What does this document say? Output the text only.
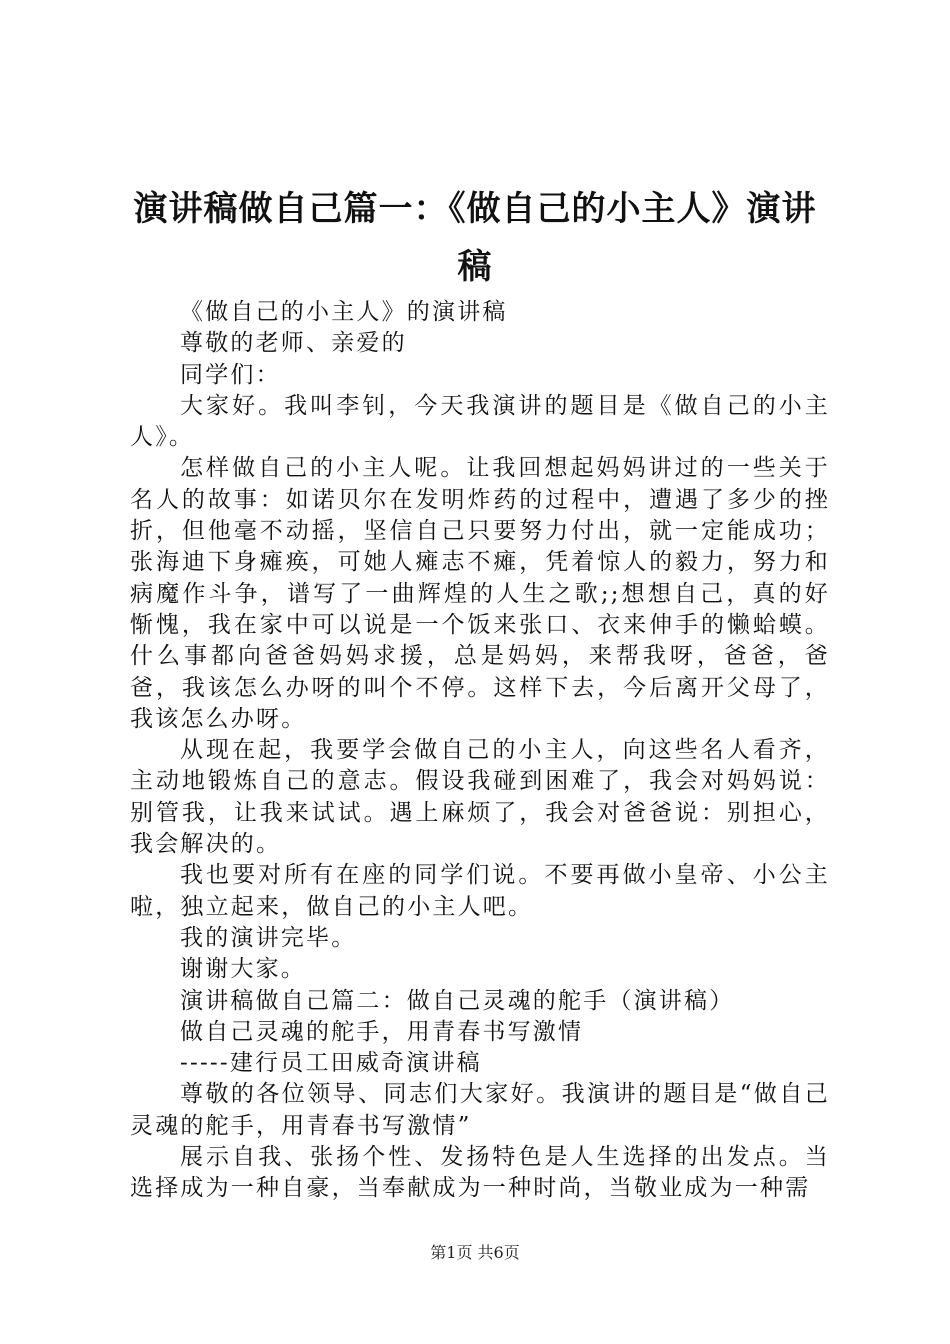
演讲稿做自己篇一：《做自己的小主人》演讲稿

《做自己的小主人》的演讲稿

尊敬的老师、亲爱的

同学们：

大家好。我叫李钊，今天我演讲的题目是《做自己的小主人》。

怎样做自己的小主人呢。让我回想起妈妈讲过的一些关于名人的故事：如诺贝尔在发明炸药的过程中，遭遇了多少的挫折，但他毫不动摇，坚信自己只要努力付出，就一定能成功；张海迪下身瘫痪，可她人瘫志不瘫，凭着惊人的毅力，努力和病魔作斗争，谱写了一曲辉煌的人生之歌;;想想自己，真的好惭愧，我在家中可以说是一个饭来张口、衣来伸手的懒蛤蟆。什么事都向爸爸妈妈求援，总是妈妈，来帮我呀，爸爸，爸爸，我该怎么办呀的叫个不停。这样下去，今后离开父母了，我该怎么办呀。

从现在起，我要学会做自己的小主人，向这些名人看齐，主动地锻炼自己的意志。假设我碰到困难了，我会对妈妈说：别管我，让我来试试。遇上麻烦了，我会对爸爸说：别担心，我会解决的。

我也要对所有在座的同学们说。不要再做小皇帝、小公主啦，独立起来，做自己的小主人吧。

我的演讲完毕。

谢谢大家。

演讲稿做自己篇二：做自己灵魂的舵手（演讲稿）

做自己灵魂的舵手，用青春书写激情

-----建行员工田威奇演讲稿

尊敬的各位领导、同志们大家好。我演讲的题目是“做自己灵魂的舵手，用青春书写激情”

展示自我、张扬个性、发扬特色是人生选择的出发点。当选择成为一种自豪，当奉献成为一种时尚，当敬业成为一种需

第1页 共6页
